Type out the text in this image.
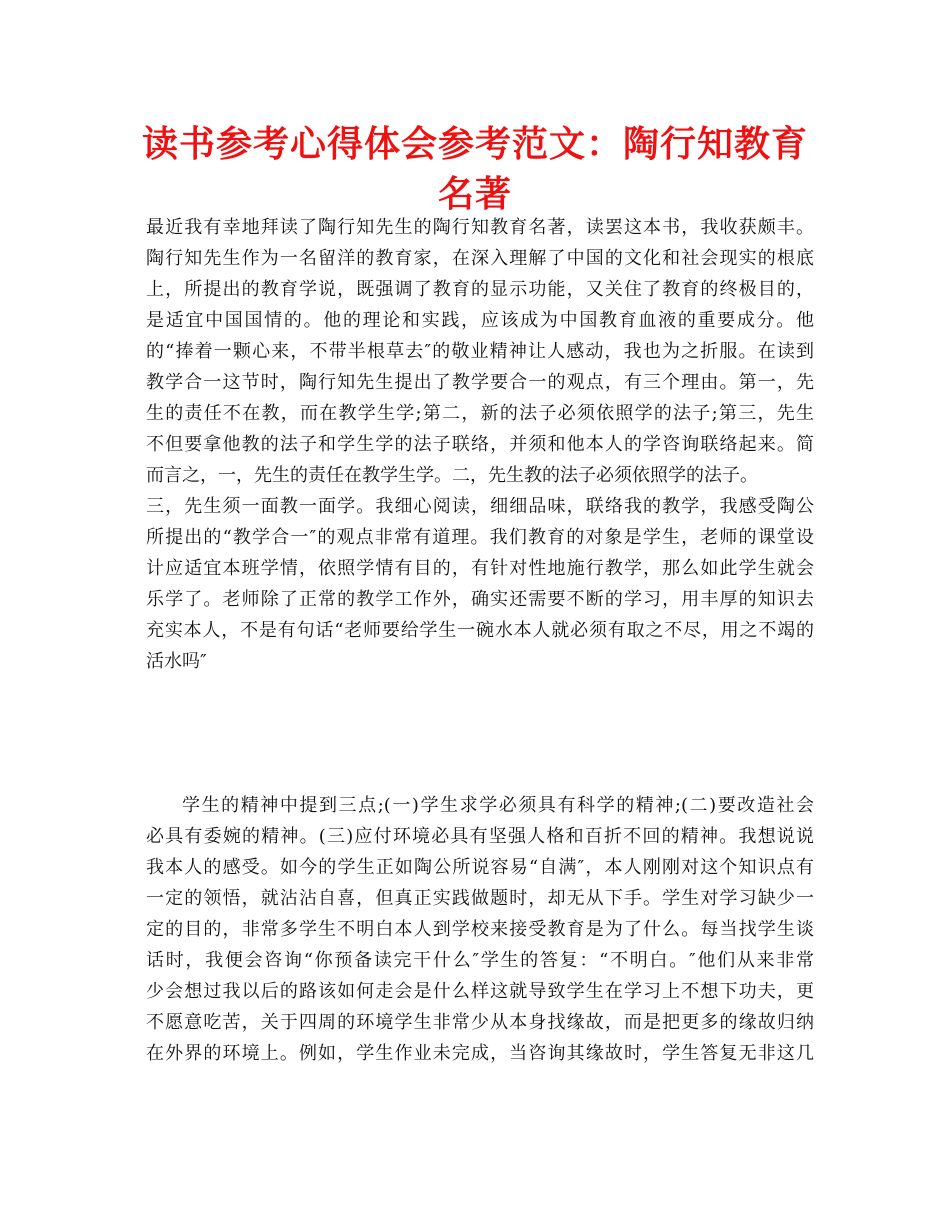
读书参考心得体会参考范文：陶行知教育
名著
最近我有幸地拜读了陶行知先生的陶行知教育名著，读罢这本书，我收获颇丰。
陶行知先生作为一名留洋的教育家，在深入理解了中国的文化和社会现实的根底
上，所提出的教育学说，既强调了教育的显示功能，又关住了教育的终极目的，
是适宜中国国情的。他的理论和实践，应该成为中国教育血液的重要成分。他
的“捧着一颗心来，不带半根草去″的敬业精神让人感动，我也为之折服。在读到
教学合一这节时，陶行知先生提出了教学要合一的观点，有三个理由。第一，先
生的责任不在教，而在教学生学;第二，新的法子必须依照学的法子;第三，先生
不但要拿他教的法子和学生学的法子联络，并须和他本人的学咨询联络起来。简
而言之，一，先生的责任在教学生学。二，先生教的法子必须依照学的法子。
三，先生须一面教一面学。我细心阅读，细细品味，联络我的教学，我感受陶公
所提出的“教学合一″的观点非常有道理。我们教育的对象是学生，老师的课堂设
计应适宜本班学情，依照学情有目的，有针对性地施行教学，那么如此学生就会
乐学了。老师除了正常的教学工作外，确实还需要不断的学习，用丰厚的知识去
充实本人，不是有句话“老师要给学生一碗水本人就必须有取之不尽，用之不竭的
活水吗″
学生的精神中提到三点;(一)学生求学必须具有科学的精神;(二)要改造社会
必具有委婉的精神。(三)应付环境必具有坚强人格和百折不回的精神。我想说说
我本人的感受。如今的学生正如陶公所说容易“自满″，本人刚刚对这个知识点有
一定的领悟，就沾沾自喜，但真正实践做题时，却无从下手。学生对学习缺少一
定的目的，非常多学生不明白本人到学校来接受教育是为了什么。每当找学生谈
话时，我便会咨询“你预备读完干什么″学生的答复：“不明白。″他们从来非常
少会想过我以后的路该如何走会是什么样这就导致学生在学习上不想下功夫，更
不愿意吃苦，关于四周的环境学生非常少从本身找缘故，而是把更多的缘故归纳
在外界的环境上。例如，学生作业未完成，当咨询其缘故时，学生答复无非这几
